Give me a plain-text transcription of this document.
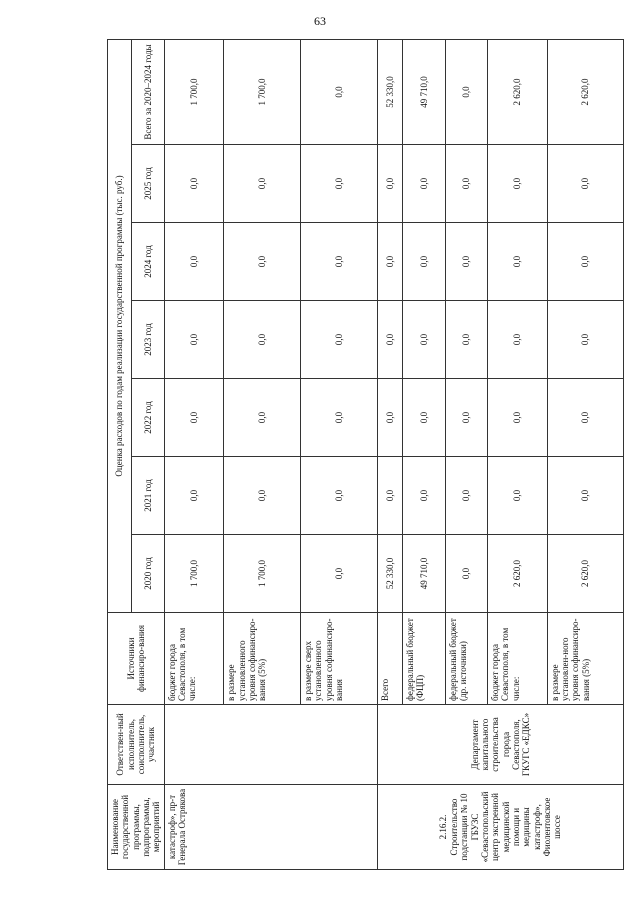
63
Наименование государственной программы, подпрограммы, мероприятий	Ответствен-ный исполнитель, соисполнитель, участник	Источники финансиро-вания	Оценка расходов по годам реализации государственной программы (тыс. руб.)						
			2020 год	2021 год	2022 год	2023 год	2024 год	2025 год	Всего за 2020–2024 годы
катастроф», пр-т Генерала Острякова		бюджет города Севастополя, в том числе:	1 700,0	0,0	0,0	0,0	0,0	0,0	1 700,0
		в размере установленного уровня софинансиро-вания (5%)	1 700,0	0,0	0,0	0,0	0,0	0,0	1 700,0
		в размере сверх установленного уровня софинансиро-вания	0,0	0,0	0,0	0,0	0,0	0,0	0,0
2.16.2. Строительство подстанции № 10 ГБУЗС «Севастопольский центр экстренной медицинской помощи и медицины катастроф», Фиолентовское шоссе	Департамент капитального строительства города Севастополя, ГКУГС «ЕДКС»	Всего	52 330,0	0,0	0,0	0,0	0,0	0,0	52 330,0
		федеральный бюджет (ФЦП)	49 710,0	0,0	0,0	0,0	0,0	0,0	49 710,0
		федеральный бюджет (др. источники)	0,0	0,0	0,0	0,0	0,0	0,0	0,0
		бюджет города Севастополя, в том числе:	2 620,0	0,0	0,0	0,0	0,0	0,0	2 620,0
		в размере установлен-ного уровня софинансиро-вания (5%)	2 620,0	0,0	0,0	0,0	0,0	0,0	2 620,0
